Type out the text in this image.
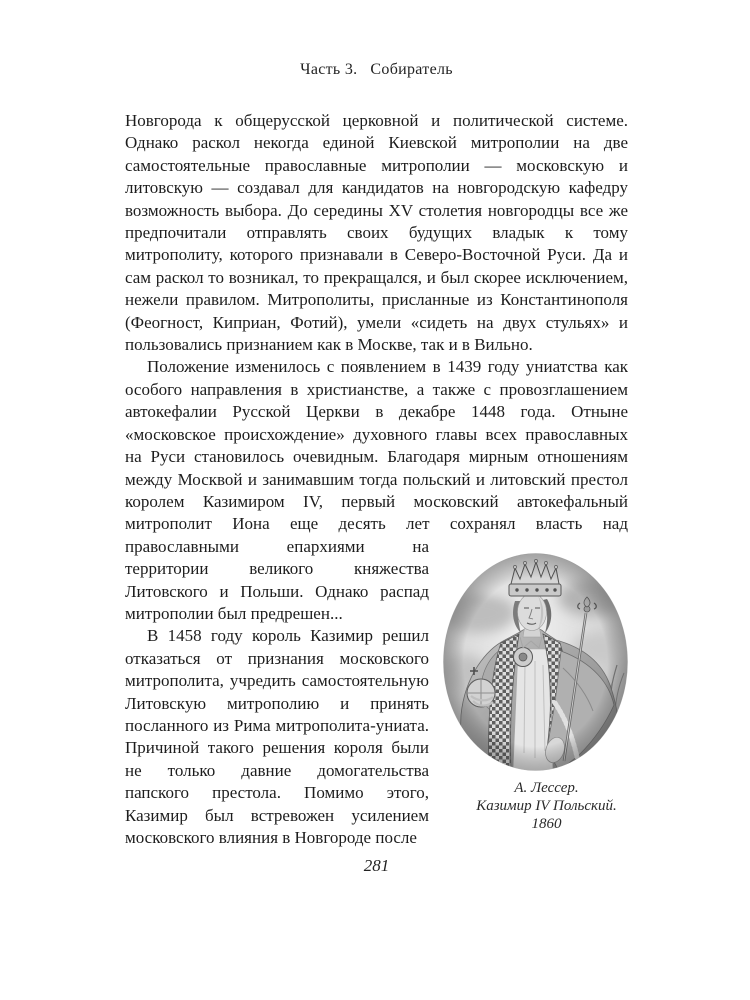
Часть 3. Собиратель

Новгорода к общерусской церковной и политической системе. Однако раскол некогда единой Киевской митрополии на две самостоятельные православные митрополии — московскую и литовскую — создавал для кандидатов на новгородскую кафедру возможность выбора. До середины XV столетия новгородцы все же предпочитали отправлять своих будущих владык к тому митрополиту, которого признавали в Северо-Восточной Руси. Да и сам раскол то возникал, то прекращался, и был скорее исключением, нежели правилом. Митрополиты, присланные из Константинополя (Феогност, Киприан, Фотий), умели «сидеть на двух стульях» и пользовались признанием как в Москве, так и в Вильно.

Положение изменилось с появлением в 1439 году униатства как особого направления в христианстве, а также с провозглашением автокефалии Русской Церкви в декабре 1448 года. Отныне «московское происхождение» духовного главы всех православных на Руси становилось очевидным. Благодаря мирным отношениям между Москвой и занимавшим тогда польский и литовский престол королем Казимиром IV, первый московский автокефальный митрополит Иона еще десять лет сохранял власть над православными епархиями на
А. Лессер.
Казимир IV Польский.
1860
территории великого княжества Литовского и Польши. Однако распад митрополии был предрешен...

В 1458 году король Казимир решил отказаться от признания московского митрополита, учредить самостоятельную Литовскую митрополию и принять посланного из Рима митрополита-униата. Причиной такого решения короля были не только давние домогательства папского престола. Помимо этого, Казимир был встревожен усилением московского влияния в Новгороде после

281
